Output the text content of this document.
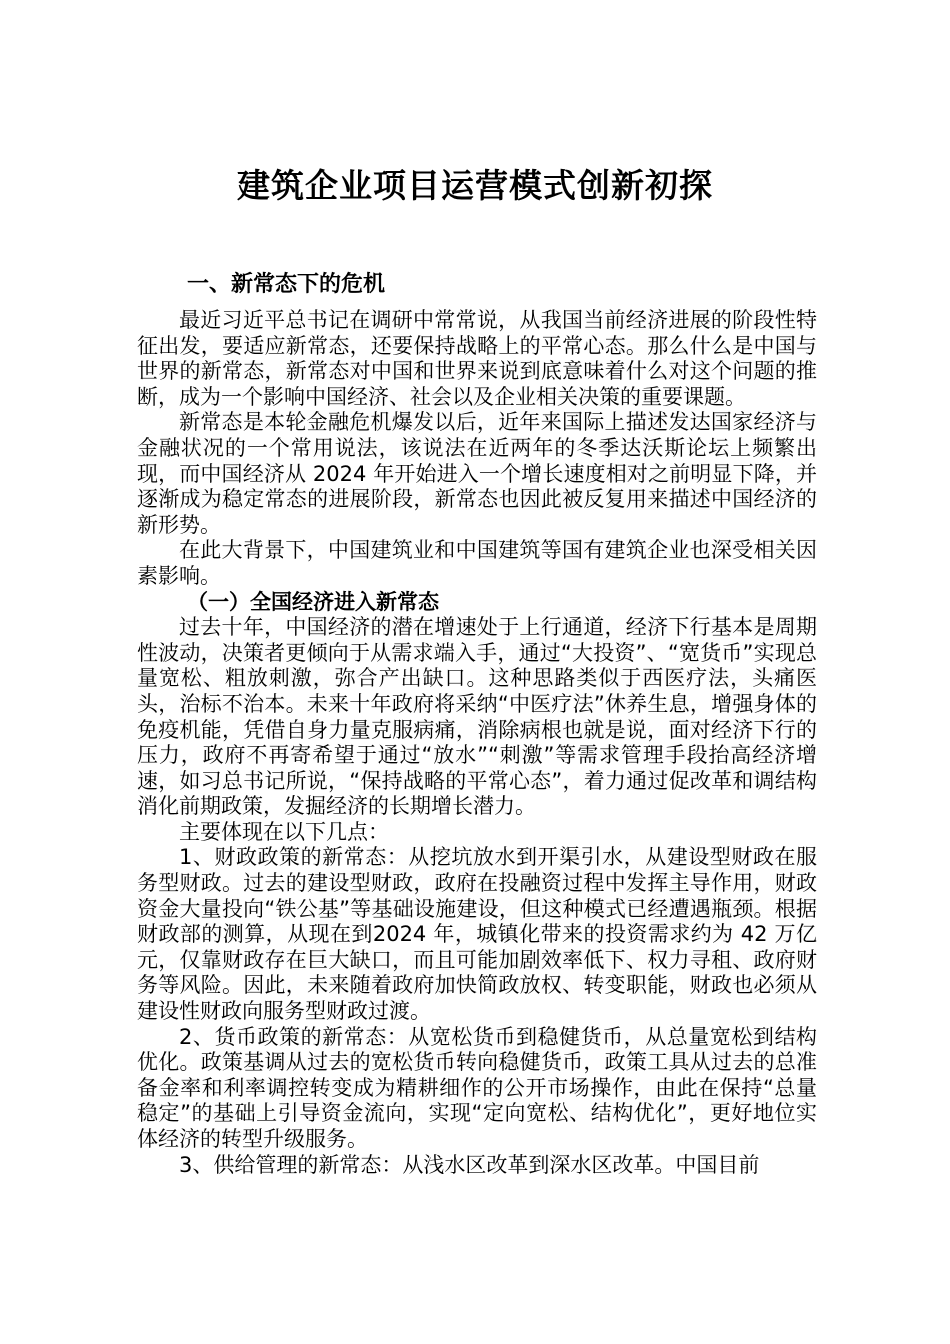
建筑企业项目运营模式创新初探
一、新常态下的危机

最近习近平总书记在调研中常常说，从我国当前经济进展的阶段性特征出发，要适应新常态，还要保持战略上的平常心态。那么什么是中国与世界的新常态，新常态对中国和世界来说到底意味着什么对这个问题的推断，成为一个影响中国经济、社会以及企业相关决策的重要课题。

新常态是本轮金融危机爆发以后，近年来国际上描述发达国家经济与金融状况的一个常用说法，该说法在近两年的冬季达沃斯论坛上频繁出现，而中国经济从 2024 年开始进入一个增长速度相对之前明显下降，并逐渐成为稳定常态的进展阶段，新常态也因此被反复用来描述中国经济的新形势。

在此大背景下，中国建筑业和中国建筑等国有建筑企业也深受相关因素影响。

（一）全国经济进入新常态

过去十年，中国经济的潜在增速处于上行通道，经济下行基本是周期性波动，决策者更倾向于从需求端入手，通过“大投资”、“宽货币”实现总量宽松、粗放刺激，弥合产出缺口。这种思路类似于西医疗法，头痛医头，治标不治本。未来十年政府将采纳“中医疗法”休养生息，增强身体的免疫机能，凭借自身力量克服病痛，消除病根也就是说，面对经济下行的压力，政府不再寄希望于通过“放水”“刺激”等需求管理手段抬高经济增速，如习总书记所说，“保持战略的平常心态”，着力通过促改革和调结构消化前期政策，发掘经济的长期增长潜力。

主要体现在以下几点：

1、财政政策的新常态：从挖坑放水到开渠引水，从建设型财政在服务型财政。过去的建设型财政，政府在投融资过程中发挥主导作用，财政资金大量投向“铁公基”等基础设施建设，但这种模式已经遭遇瓶颈。根据财政部的测算，从现在到2024 年，城镇化带来的投资需求约为 42 万亿元，仅靠财政存在巨大缺口，而且可能加剧效率低下、权力寻租、政府财务等风险。因此，未来随着政府加快简政放权、转变职能，财政也必须从建设性财政向服务型财政过渡。

2、货币政策的新常态：从宽松货币到稳健货币，从总量宽松到结构优化。政策基调从过去的宽松货币转向稳健货币，政策工具从过去的总准备金率和利率调控转变成为精耕细作的公开市场操作，由此在保持“总量稳定”的基础上引导资金流向，实现“定向宽松、结构优化”，更好地位实体经济的转型升级服务。

3、供给管理的新常态：从浅水区改革到深水区改革。中国目前
